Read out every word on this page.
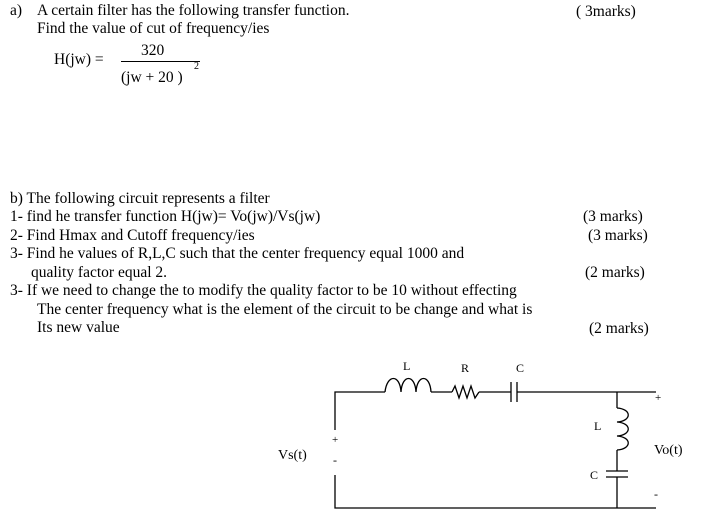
a) A certain filter has the following transfer function.
Find the value of cut of frequency/ies
( 3marks)
H(jw) =
320
(jw + 20 )
2
b) The following circuit represents a filter
1- find he transfer function H(jw)= Vo(jw)/Vs(jw)	(3 marks)
2- Find Hmax and Cutoff frequency/ies	(3 marks)
3- Find he values of R,L,C such that the center frequency equal 1000 and
quality factor equal 2.	(2 marks)
3- If we need to change the to modify the quality factor to be 10 without effecting
The center frequency what is the element of the circuit to be change and what is
Its new value	(2 marks)
L	R	C
L
C
Vs(t)
+
-
Vo(t)
+
-
